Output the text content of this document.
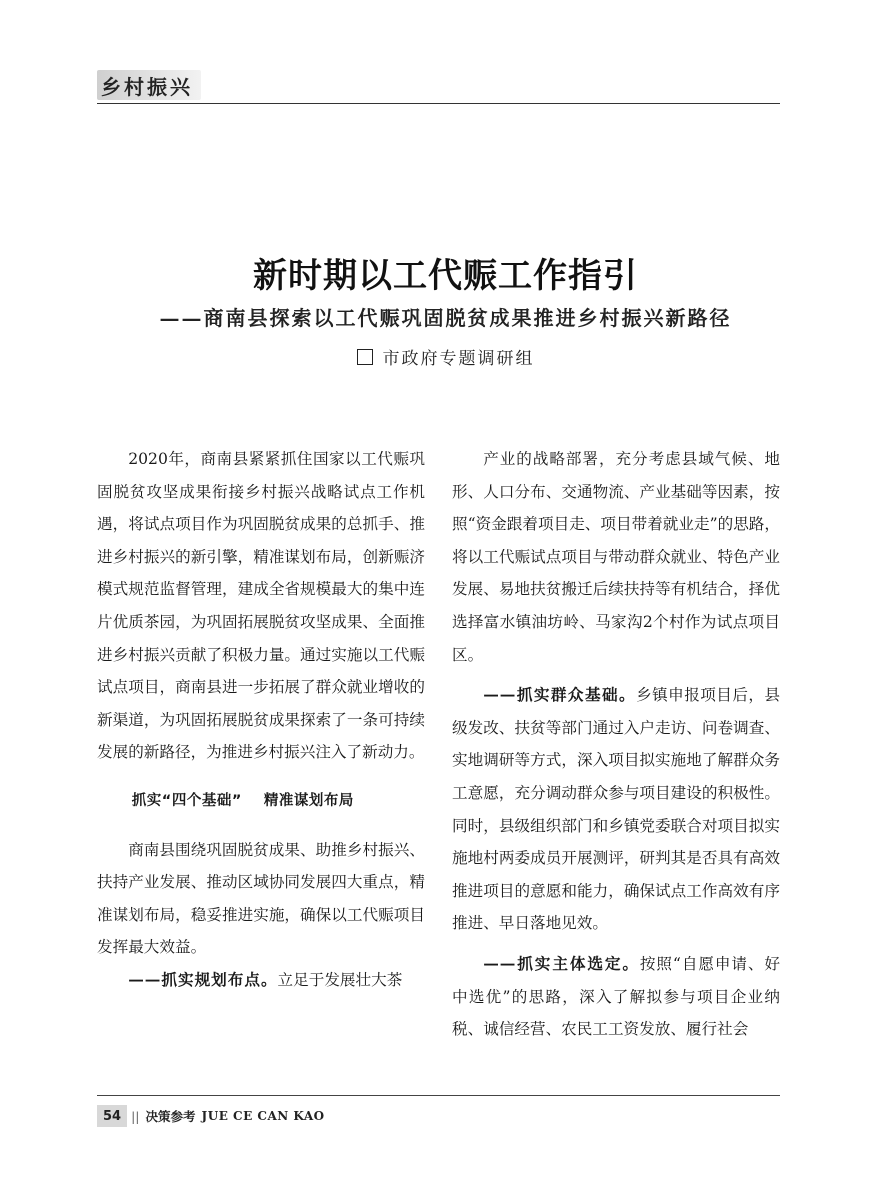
乡村振兴
新时期以工代赈工作指引
——商南县探索以工代赈巩固脱贫成果推进乡村振兴新路径
市政府专题调研组

2020年，商南县紧紧抓住国家以工代赈巩固脱贫攻坚成果衔接乡村振兴战略试点工作机遇，将试点项目作为巩固脱贫成果的总抓手、推进乡村振兴的新引擎，精准谋划布局，创新赈济模式规范监督管理，建成全省规模最大的集中连片优质茶园，为巩固拓展脱贫攻坚成果、全面推进乡村振兴贡献了积极力量。通过实施以工代赈试点项目，商南县进一步拓展了群众就业增收的新渠道，为巩固拓展脱贫成果探索了一条可持续发展的新路径，为推进乡村振兴注入了新动力。

抓实“四个基础” 精准谋划布局

商南县围绕巩固脱贫成果、助推乡村振兴、扶持产业发展、推动区域协同发展四大重点，精准谋划布局，稳妥推进实施，确保以工代赈项目发挥最大效益。

——抓实规划布点。立足于发展壮大茶

产业的战略部署，充分考虑县域气候、地形、人口分布、交通物流、产业基础等因素，按照“资金跟着项目走、项目带着就业走”的思路，将以工代赈试点项目与带动群众就业、特色产业发展、易地扶贫搬迁后续扶持等有机结合，择优选择富水镇油坊岭、马家沟2个村作为试点项目区。

——抓实群众基础。乡镇申报项目后，县级发改、扶贫等部门通过入户走访、问卷调查、实地调研等方式，深入项目拟实施地了解群众务工意愿，充分调动群众参与项目建设的积极性。同时，县级组织部门和乡镇党委联合对项目拟实施地村两委成员开展测评，研判其是否具有高效推进项目的意愿和能力，确保试点工作高效有序推进、早日落地见效。

——抓实主体选定。按照“自愿申请、好中选优”的思路，深入了解拟参与项目企业纳税、诚信经营、农民工工资发放、履行社会

54 || 决策参考 JUE CE CAN KAO
